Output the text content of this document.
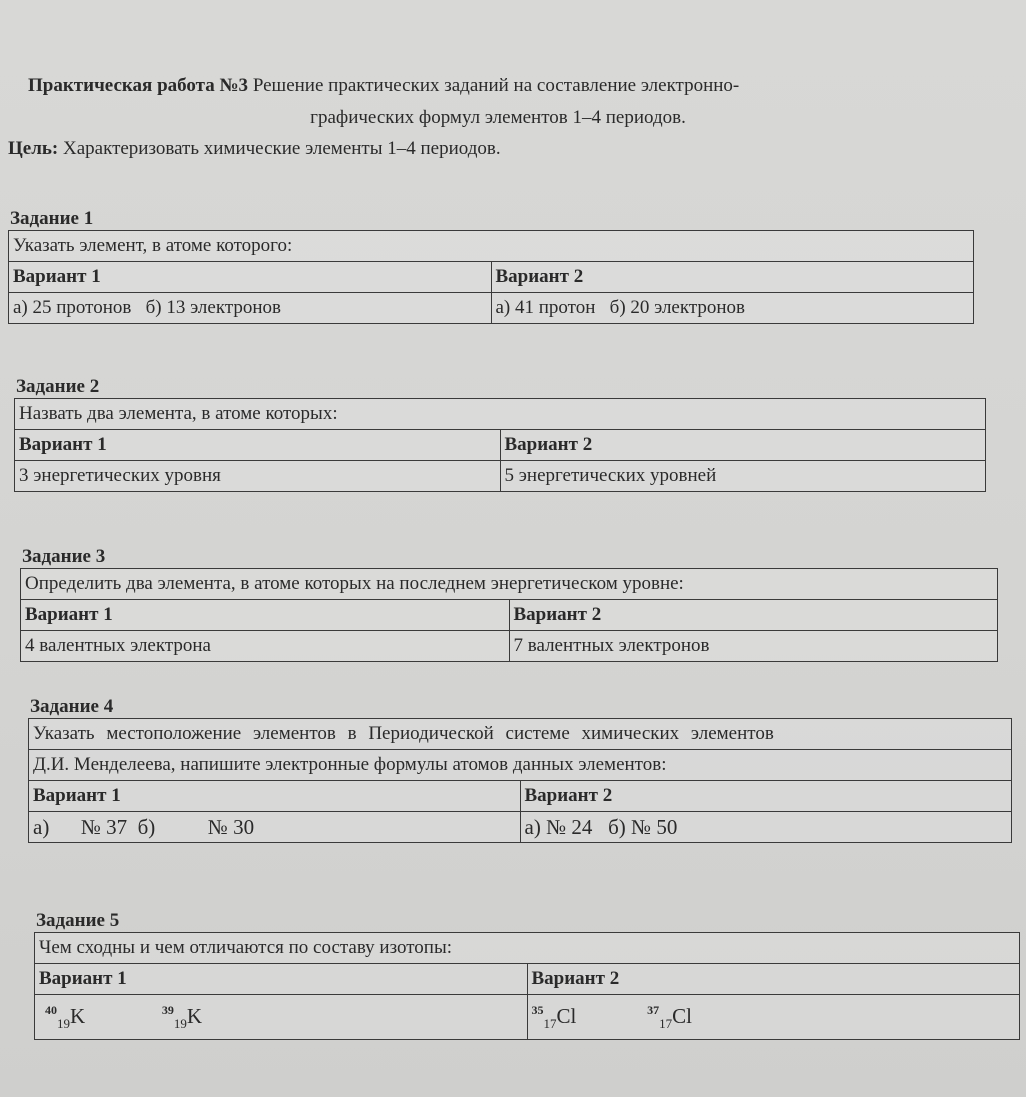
Практическая работа №3 Решение практических заданий на составление электронно-
графических формул элементов 1–4 периодов.
Цель: Характеризовать химические элементы 1–4 периодов.
Задание 1
Указать элемент, в атоме которого:	
Вариант 1	Вариант 2
а) 25 протонов   б) 13 электронов	а) 41 протон   б) 20 электронов
Задание 2
Назвать два элемента, в атоме которых:	
Вариант 1	Вариант 2
3 энергетических уровня	5 энергетических уровней
Задание 3
Определить два элемента, в атоме которых на последнем энергетическом уровне:	
Вариант 1	Вариант 2
4 валентных электрона	7 валентных электронов
Задание 4
Указать местоположение элементов в Периодической системе химических элементов	
Д.И. Менделеева, напишите электронные формулы атомов данных элементов:	
Вариант 1	Вариант 2
а)      № 37  б)          № 30	а) № 24   б) № 50
Задание 5
Чем сходны и чем отличаются по составу изотопы:	
Вариант 1	Вариант 2
$^{40}_{19}$K $^{39}_{19}$K	$^{35}_{17}$Cl $^{37}_{17}$Cl
